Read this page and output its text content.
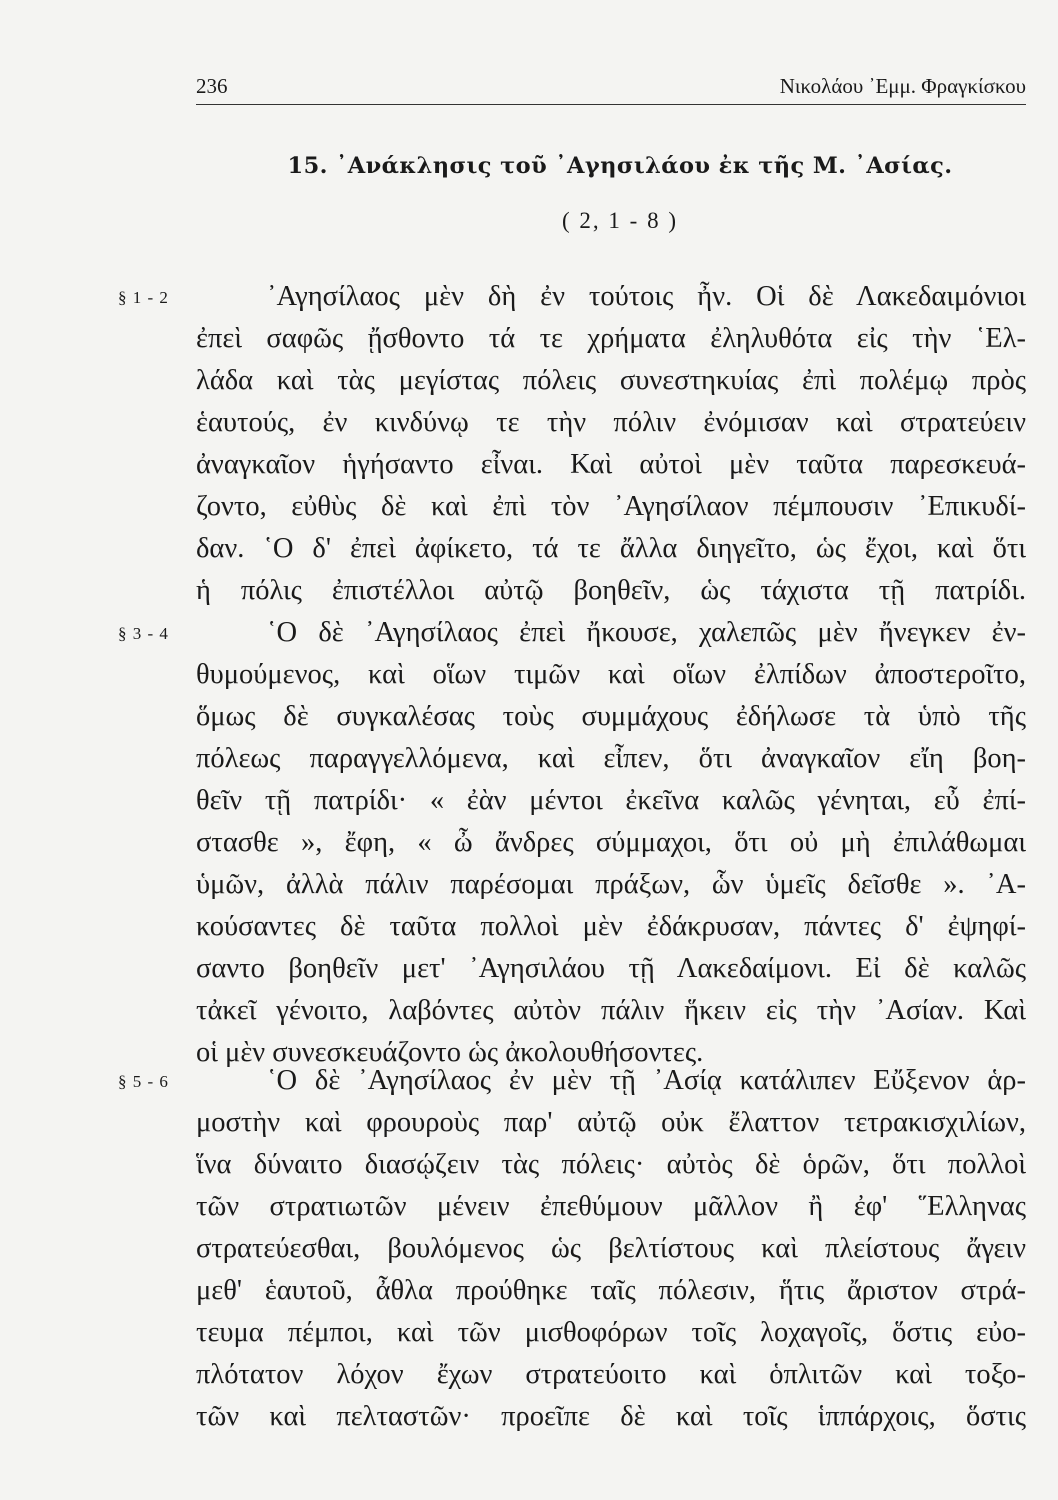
236	Νικολάου ᾽Εμμ. Φραγκίσκου
15. ᾽Ανάκλησις τοῦ ᾽Αγησιλάου ἐκ τῆς Μ. ᾽Ασίας.
( 2, 1 - 8 )
§ 1 - 2
§ 3 - 4
§ 5 - 6
᾽Αγησίλαος μὲν δὴ ἐν τούτοις ἦν. Οἱ δὲ Λακεδαιμόνιοι
ἐπεὶ σαφῶς ᾔσθοντο τά τε χρήματα ἐληλυθότα εἰς τὴν ῾Ελ-
λάδα καὶ τὰς μεγίστας πόλεις συνεστηκυίας ἐπὶ πολέμῳ πρὸς
ἑαυτούς, ἐν κινδύνῳ τε τὴν πόλιν ἐνόμισαν καὶ στρατεύειν
ἀναγκαῖον ἡγήσαντο εἶναι. Καὶ αὐτοὶ μὲν ταῦτα παρεσκευά-
ζοντο, εὐθὺς δὲ καὶ ἐπὶ τὸν ᾽Αγησίλαον πέμπουσιν ᾽Επικυδί-
δαν. ῾Ο δ' ἐπεὶ ἀφίκετο, τά τε ἄλλα διηγεῖτο, ὡς ἔχοι, καὶ ὅτι
ἡ πόλις ἐπιστέλλοι αὐτῷ βοηθεῖν, ὡς τάχιστα τῇ πατρίδι.
῾Ο δὲ ᾽Αγησίλαος ἐπεὶ ἤκουσε, χαλεπῶς μὲν ἤνεγκεν ἐν-
θυμούμενος, καὶ οἵων τιμῶν καὶ οἵων ἐλπίδων ἀποστεροῖτο,
ὅμως δὲ συγκαλέσας τοὺς συμμάχους ἐδήλωσε τὰ ὑπὸ τῆς
πόλεως παραγγελλόμενα, καὶ εἶπεν, ὅτι ἀναγκαῖον εἴη βοη-
θεῖν τῇ πατρίδι· « ἐὰν μέντοι ἐκεῖνα καλῶς γένηται, εὖ ἐπί-
στασθε », ἔφη, « ὦ ἄνδρες σύμμαχοι, ὅτι οὐ μὴ ἐπιλάθωμαι
ὑμῶν, ἀλλὰ πάλιν παρέσομαι πράξων, ὧν ὑμεῖς δεῖσθε ». ᾽Α-
κούσαντες δὲ ταῦτα πολλοὶ μὲν ἐδάκρυσαν, πάντες δ' ἐψηφί-
σαντο βοηθεῖν μετ' ᾽Αγησιλάου τῇ Λακεδαίμονι. Εἰ δὲ καλῶς
τἀκεῖ γένοιτο, λαβόντες αὐτὸν πάλιν ἥκειν εἰς τὴν ᾽Ασίαν. Καὶ
οἱ μὲν συνεσκευάζοντο ὡς ἀκολουθήσοντες.
῾Ο δὲ ᾽Αγησίλαος ἐν μὲν τῇ ᾽Ασίᾳ κατάλιπεν Εὔξενον ἁρ-
μοστὴν καὶ φρουροὺς παρ' αὐτῷ οὐκ ἔλαττον τετρακισχιλίων,
ἵνα δύναιτο διασῴζειν τὰς πόλεις· αὐτὸς δὲ ὁρῶν, ὅτι πολλοὶ
τῶν στρατιωτῶν μένειν ἐπεθύμουν μᾶλλον ἢ ἐφ' ῞Ελληνας
στρατεύεσθαι, βουλόμενος ὡς βελτίστους καὶ πλείστους ἄγειν
μεθ' ἑαυτοῦ, ἆθλα προύθηκε ταῖς πόλεσιν, ἥτις ἄριστον στρά-
τευμα πέμποι, καὶ τῶν μισθοφόρων τοῖς λοχαγοῖς, ὅστις εὐο-
πλότατον λόχον ἔχων στρατεύοιτο καὶ ὁπλιτῶν καὶ τοξο-
τῶν καὶ πελταστῶν· προεῖπε δὲ καὶ τοῖς ἱππάρχοις, ὅστις
